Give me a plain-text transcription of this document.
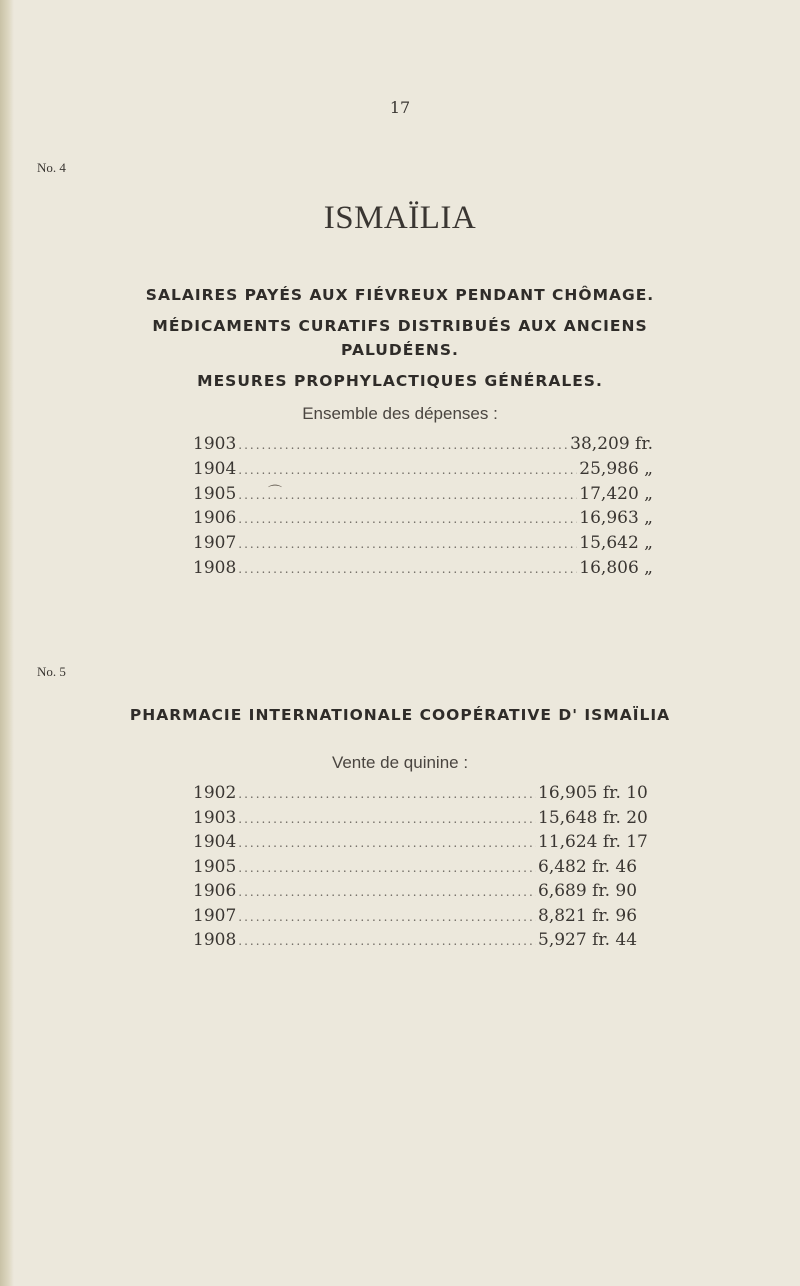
17
No. 4
ISMAÏLIA
SALAIRES PAYÉS AUX FIÉVREUX PENDANT CHÔMAGE.
MÉDICAMENTS CURATIFS DISTRIBUÉS AUX ANCIENS
PALUDÉENS.
MESURES PROPHYLACTIQUES GÉNÉRALES.
Ensemble des dépenses :
1903 .....	38,209 fr.
1904 .....	25,986 „
1905 .....	17,420 „
1906 .....	16,963 „
1907 .....	15,642 „
1908 .....	16,806 „
⌒
No. 5
PHARMACIE INTERNATIONALE COOPÉRATIVE D' ISMAÏLIA
Vente de quinine :
1902 .....	16,905 fr. 10
1903 .....	15,648 fr. 20
1904 .....	11,624 fr. 17
1905 .....	6,482 fr. 46
1906 .....	6,689 fr. 90
1907 .....	8,821 fr. 96
1908 .....	5,927 fr. 44
